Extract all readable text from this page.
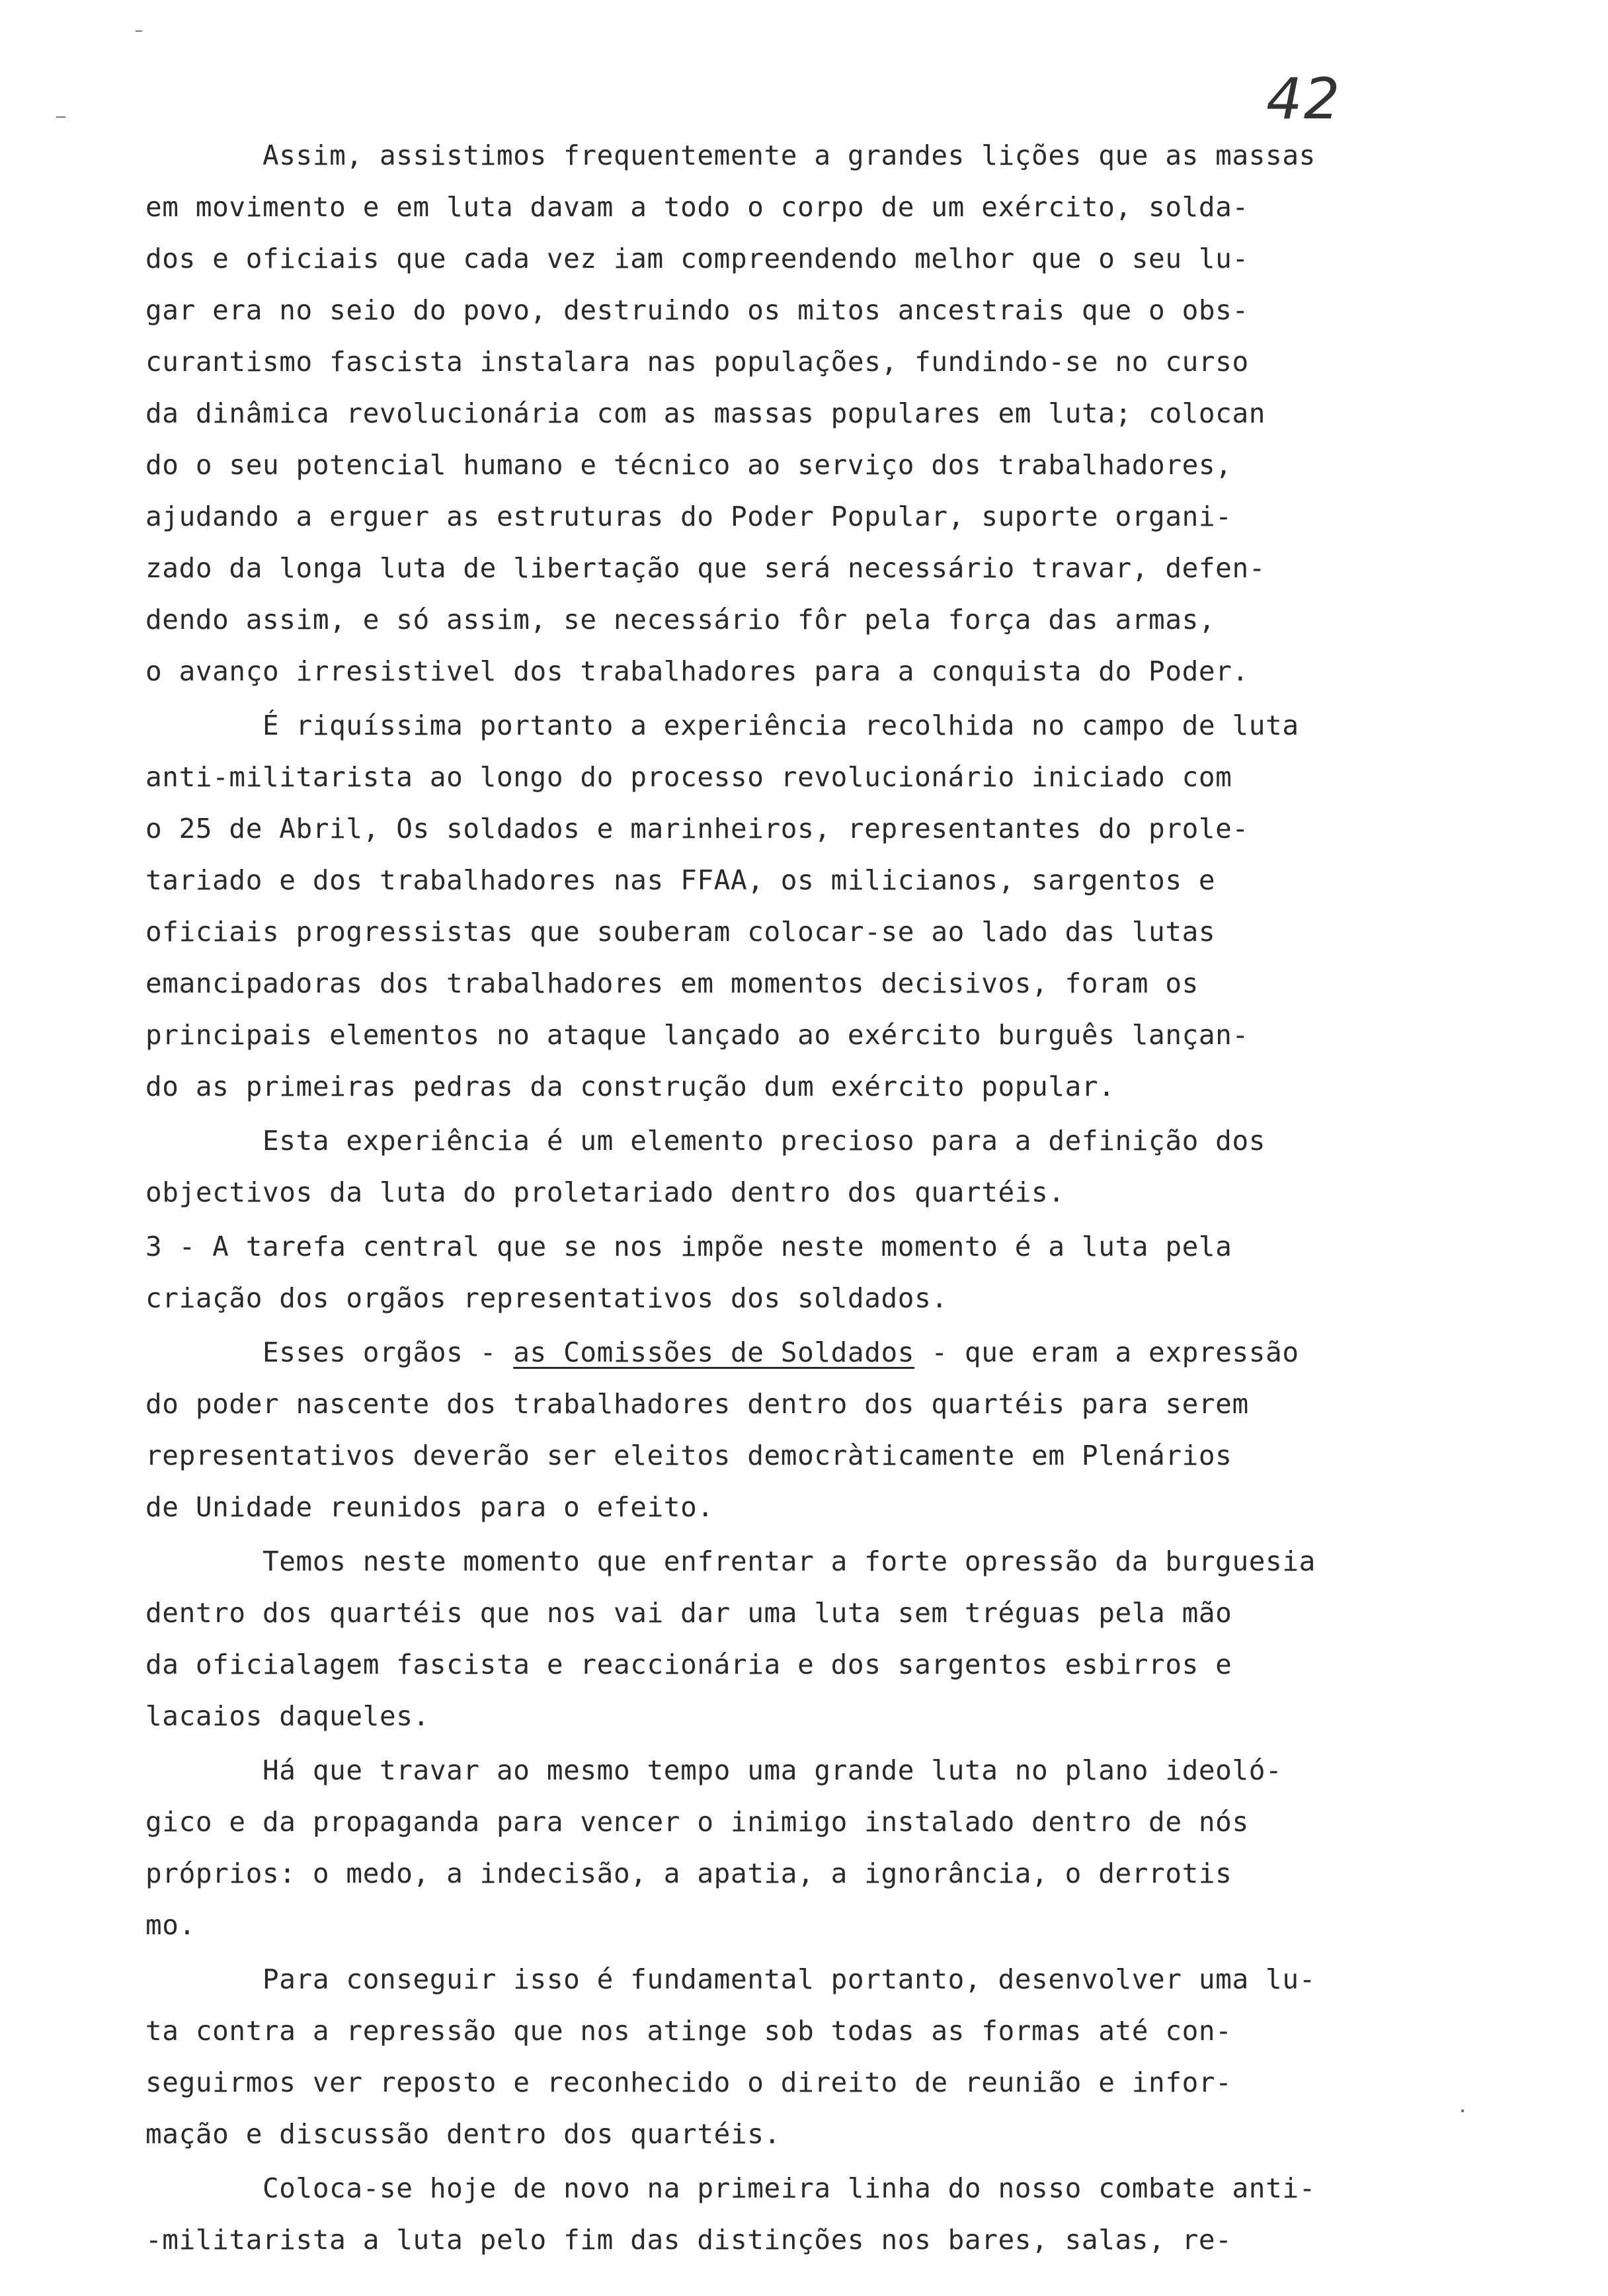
42
Assim, assistimos frequentemente a grandes lições que as massas
em movimento e em luta davam a todo o corpo de um exército, solda-
dos e oficiais que cada vez iam compreendendo melhor que o seu lu-
gar era no seio do povo, destruindo os mitos ancestrais que o obs-
curantismo fascista instalara nas populações, fundindo-se no curso
da dinâmica revolucionária com as massas populares em luta; colocan
do o seu potencial humano e técnico ao serviço dos trabalhadores,
ajudando a erguer as estruturas do Poder Popular, suporte organi-
zado da longa luta de libertação que será necessário travar, defen-
dendo assim, e só assim, se necessário fôr pela força das armas,
o avanço irresistivel dos trabalhadores para a conquista do Poder.
É riquíssima portanto a experiência recolhida no campo de luta
anti-militarista ao longo do processo revolucionário iniciado com
o 25 de Abril, Os soldados e marinheiros, representantes do prole-
tariado e dos trabalhadores nas FFAA, os milicianos, sargentos e
oficiais progressistas que souberam colocar-se ao lado das lutas
emancipadoras dos trabalhadores em momentos decisivos, foram os
principais elementos no ataque lançado ao exército burguês lançan-
do as primeiras pedras da construção dum exército popular.
Esta experiência é um elemento precioso para a definição dos
objectivos da luta do proletariado dentro dos quartéis.
3 - A tarefa central que se nos impõe neste momento é a luta pela
criação dos orgãos representativos dos soldados.
Esses orgãos - as Comissões de Soldados - que eram a expressão
do poder nascente dos trabalhadores dentro dos quartéis para serem
representativos deverão ser eleitos democràticamente em Plenários
de Unidade reunidos para o efeito.
Temos neste momento que enfrentar a forte opressão da burguesia
dentro dos quartéis que nos vai dar uma luta sem tréguas pela mão
da oficialagem fascista e reaccionária e dos sargentos esbirros e
lacaios daqueles.
Há que travar ao mesmo tempo uma grande luta no plano ideoló-
gico e da propaganda para vencer o inimigo instalado dentro de nós
próprios: o medo, a indecisão, a apatia, a ignorância, o derrotis
mo.
Para conseguir isso é fundamental portanto, desenvolver uma lu-
ta contra a repressão que nos atinge sob todas as formas até con-
seguirmos ver reposto e reconhecido o direito de reunião e infor-
mação e discussão dentro dos quartéis.
Coloca-se hoje de novo na primeira linha do nosso combate anti-
-militarista a luta pelo fim das distinções nos bares, salas, re-
